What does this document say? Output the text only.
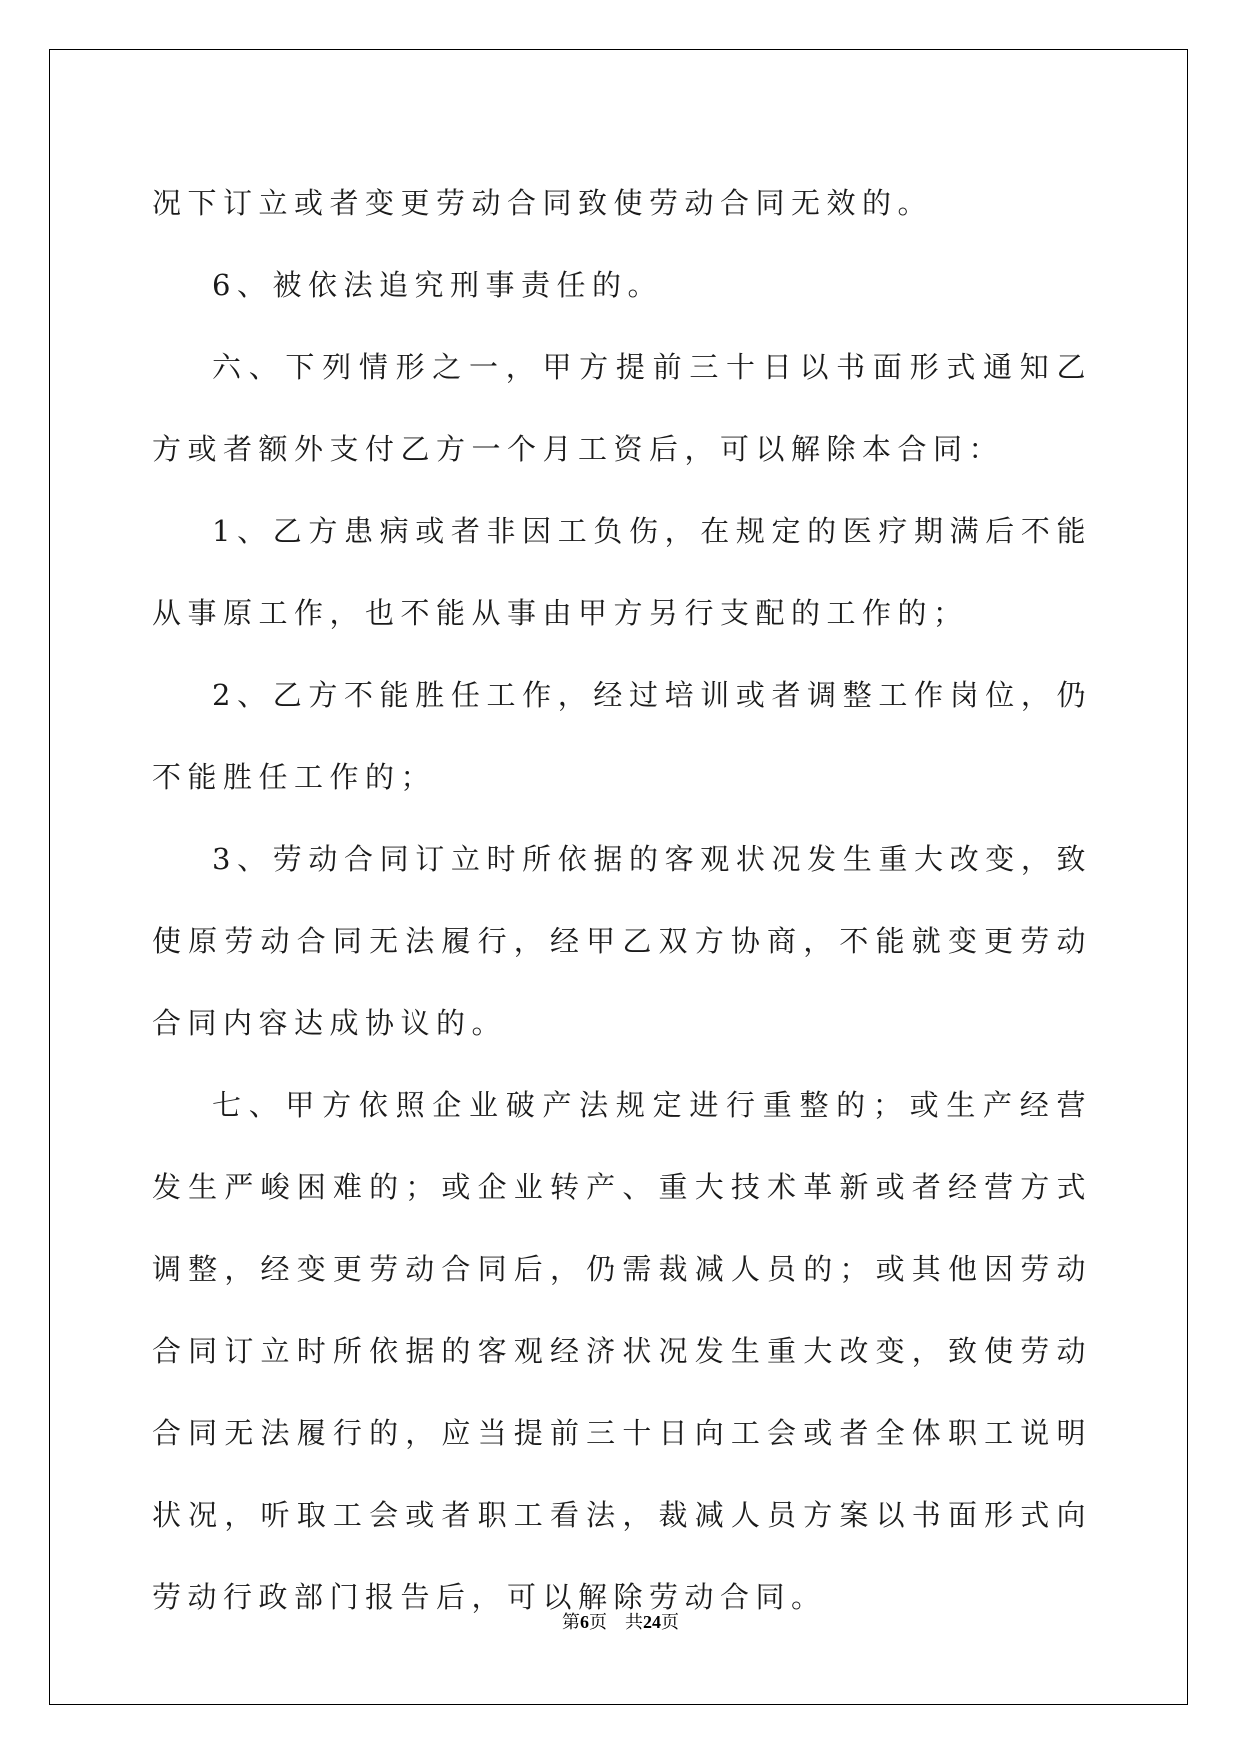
况下订立或者变更劳动合同致使劳动合同无效的。

6、被依法追究刑事责任的。

六、下列情形之一，甲方提前三十日以书面形式通知乙方或者额外支付乙方一个月工资后，可以解除本合同：

1、乙方患病或者非因工负伤，在规定的医疗期满后不能从事原工作，也不能从事由甲方另行支配的工作的；

2、乙方不能胜任工作，经过培训或者调整工作岗位，仍不能胜任工作的；

3、劳动合同订立时所依据的客观状况发生重大改变，致使原劳动合同无法履行，经甲乙双方协商，不能就变更劳动合同内容达成协议的。

七、甲方依照企业破产法规定进行重整的；或生产经营发生严峻困难的；或企业转产、重大技术革新或者经营方式调整，经变更劳动合同后，仍需裁减人员的；或其他因劳动合同订立时所依据的客观经济状况发生重大改变，致使劳动合同无法履行的，应当提前三十日向工会或者全体职工说明状况，听取工会或者职工看法，裁减人员方案以书面形式向劳动行政部门报告后，可以解除劳动合同。

第6页 共24页
